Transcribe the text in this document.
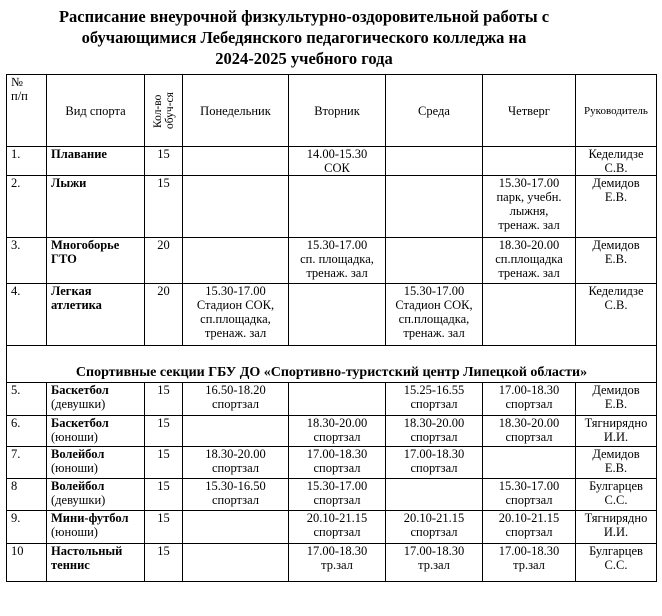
Расписание внеурочной физкультурно-оздоровительной работы с
обучающимися Лебедянского педагогического колледжа на
2024-2025 учебного года
№
п/п	Вид спорта	Кол-во обуч-ся	Понедельник	Вторник	Среда	Четверг	Руководитель
1.	Плавание	15		14.00-15.30
СОК			Кеделидзе
С.В.

2.	Лыжи	15				15.30-17.00
парк, учебн.
лыжня,
тренаж. зал	Демидов
Е.В.

3.	Многоборье
ГТО	20		15.30-17.00
сп. площадка,
тренаж. зал		18.30-20.00
сп.площадка
тренаж. зал	Демидов
Е.В.

4.	Легкая
атлетика	20	15.30-17.00
Стадион СОК,
сп.площадка,
тренаж. зал		15.30-17.00
Стадион СОК,
сп.площадка,
тренаж. зал		Кеделидзе
С.В.

Спортивные секции ГБУ ДО «Спортивно-туристский центр Липецкой области»							
5.	Баскетбол
(девушки)	15	16.50-18.20
спортзал		15.25-16.55
спортзал	17.00-18.30
спортзал	Демидов
Е.В.

6.	Баскетбол
(юноши)	15		18.30-20.00
спортзал	18.30-20.00
спортзал	18.30-20.00
спортзал	Тягнирядно
И.И.

7.	Волейбол
(юноши)	15	18.30-20.00
спортзал	17.00-18.30
спортзал	17.00-18.30
спортзал		Демидов
Е.В.

8	Волейбол
(девушки)	15	15.30-16.50
спортзал	15.30-17.00
спортзал		15.30-17.00
спортзал	Булгарцев
С.С.

9.	Мини-футбол
(юноши)	15		20.10-21.15
спортзал	20.10-21.15
спортзал	20.10-21.15
спортзал	Тягнирядно
И.И.

10	Настольный
теннис	15		17.00-18.30
тр.зал	17.00-18.30
тр.зал	17.00-18.30
тр.зал	Булгарцев
С.С.
